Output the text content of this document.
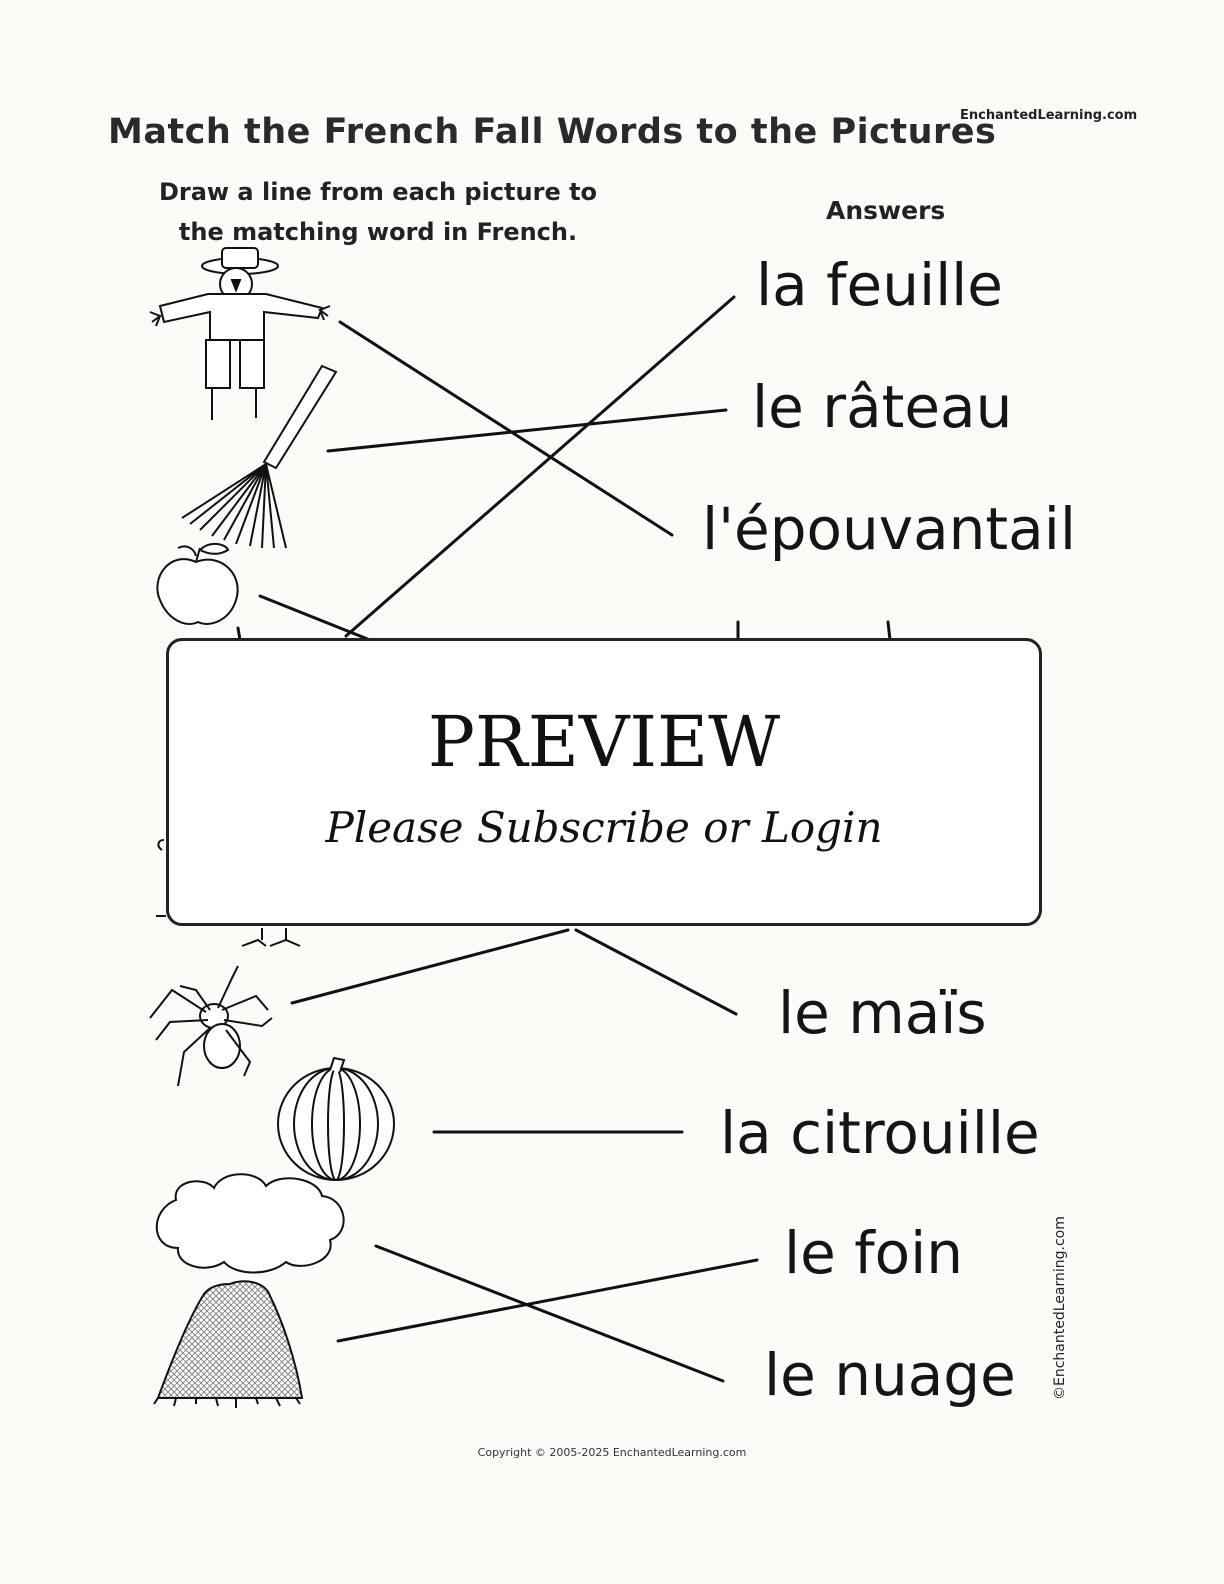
Match the French Fall Words to the Pictures
EnchantedLearning.com
Draw a line from each picture to
the matching word in French.
Answers
la feuille
le râteau
l'épouvantail
le maïs
la citrouille
le foin
le nuage
PREVIEW
Please Subscribe or Login
©EnchantedLearning.com
Copyright © 2005-2025 EnchantedLearning.com
